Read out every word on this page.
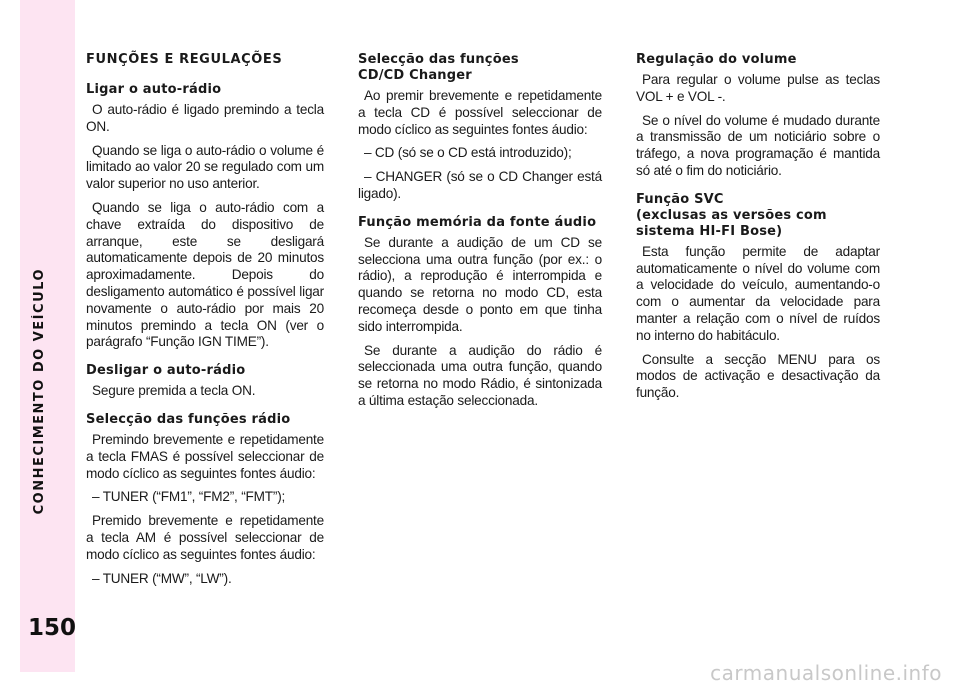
CONHECIMENTO DO VEÍCULO
150
FUNÇÕES E REGULAÇÕES
Ligar o auto-rádio

O auto-rádio é ligado premindo a tecla ON.

Quando se liga o auto-rádio o volume é limitado ao valor 20 se regulado com um valor superior no uso anterior.

Quando se liga o auto-rádio com a chave extraída do dispositivo de arranque, este se desligará automaticamente depois de 20 minutos aproximadamente. Depois do desligamento automático é possível ligar novamente o auto-rádio por mais 20 minutos premindo a tecla ON (ver o parágrafo “Função IGN TIME”).

Desligar o auto-rádio

Segure premida a tecla ON.

Selecção das funções rádio

Premindo brevemente e repetidamente a tecla FMAS é possível seleccionar de modo cíclico as seguintes fontes áudio:

– TUNER (“FM1”, “FM2”, “FMT”);

Premido brevemente e repetidamente a tecla AM é possível seleccionar de modo cíclico as seguintes fontes áudio:

– TUNER (“MW”, “LW”).

Selecção das funções
CD/CD Changer

Ao premir brevemente e repetidamente a tecla CD é possível seleccionar de modo cíclico as seguintes fontes áudio:

– CD (só se o CD está introduzido);

– CHANGER (só se o CD Changer está ligado).

Função memória da fonte áudio

Se durante a audição de um CD se selecciona uma outra função (por ex.: o rádio), a reprodução é interrompida e quando se retorna no modo CD, esta recomeça desde o ponto em que tinha sido interrompida.

Se durante a audição do rádio é seleccionada uma outra função, quando se retorna no modo Rádio, é sintonizada a última estação seleccionada.

Regulação do volume

Para regular o volume pulse as teclas VOL + e VOL -.

Se o nível do volume é mudado durante a transmissão de um noticiário sobre o tráfego, a nova programação é mantida só até o fim do noticiário.

Função SVC
(exclusas as versões com sistema HI-FI Bose)

Esta função permite de adaptar automaticamente o nível do volume com a velocidade do veículo, aumentando-o com o aumentar da velocidade para manter a relação com o nível de ruídos no interno do habitáculo.

Consulte a secção MENU para os modos de activação e desactivação da função.

carmanualsonline.info
